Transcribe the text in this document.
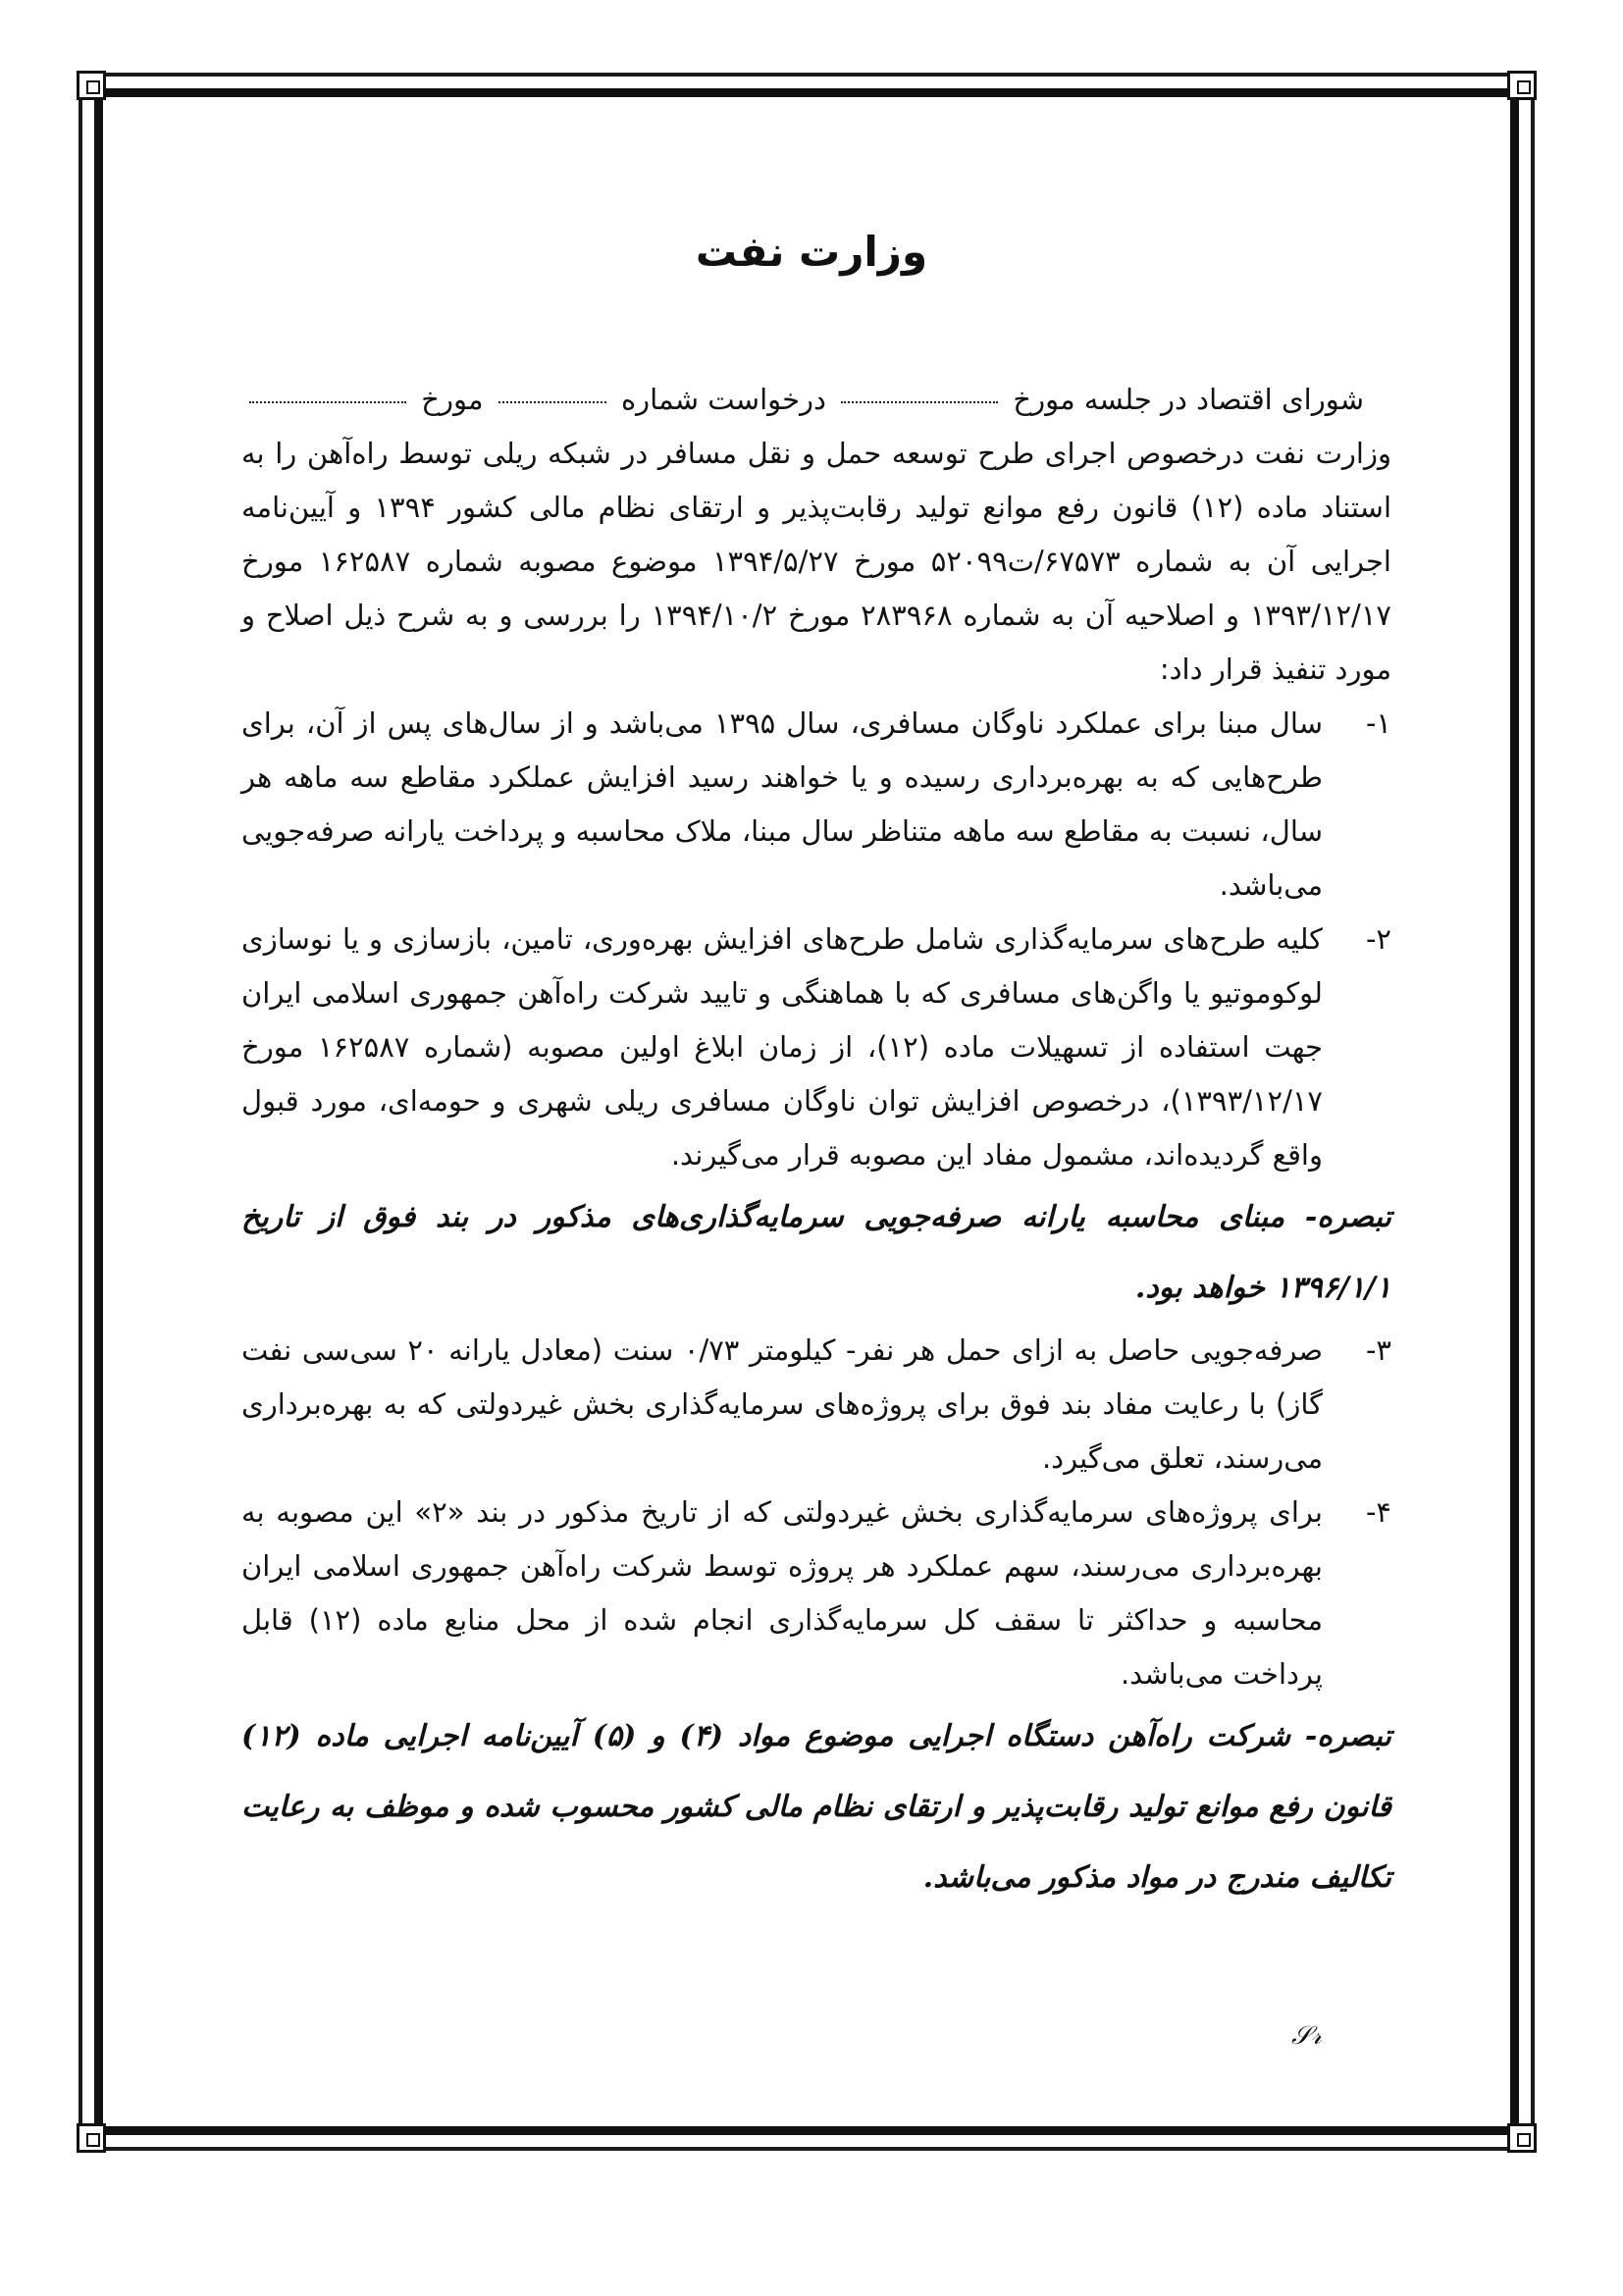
وزارت نفت

شورای اقتصاد در جلسه مورخ  درخواست شماره  مورخ

وزارت نفت درخصوص اجرای طرح توسعه حمل و نقل مسافر در شبکه ریلی توسط راه‌آهن را به استناد ماده (۱۲) قانون رفع موانع تولید رقابت‌پذیر و ارتقای نظام مالی کشور ۱۳۹۴ و آیین‌نامه اجرایی آن به شماره ۶۷۵۷۳/ت۵۲۰۹۹ مورخ ۱۳۹۴/۵/۲۷ موضوع مصوبه شماره ۱۶۲۵۸۷ مورخ ۱۳۹۳/۱۲/۱۷ و اصلاحیه آن به شماره ۲۸۳۹۶۸ مورخ ۱۳۹۴/۱۰/۲ را بررسی و به شرح ذیل اصلاح و مورد تنفیذ قرار داد:

۱-
سال مبنا برای عملکرد ناوگان مسافری، سال ۱۳۹۵ می‌باشد و از سال‌های پس از آن، برای طرح‌هایی که به بهره‌برداری رسیده و یا خواهند رسید افزایش عملکرد مقاطع سه ماهه هر سال، نسبت به مقاطع سه ماهه متناظر سال مبنا، ملاک محاسبه و پرداخت یارانه صرفه‌جویی می‌باشد.
۲-
کلیه طرح‌های سرمایه‌گذاری شامل طرح‌های افزایش بهره‌وری، تامین، بازسازی و یا نوسازی لوکوموتیو یا واگن‌های مسافری که با هماهنگی و تایید شرکت راه‌آهن جمهوری اسلامی ایران جهت استفاده از تسهیلات ماده (۱۲)، از زمان ابلاغ اولین مصوبه (شماره ۱۶۲۵۸۷ مورخ ۱۳۹۳/۱۲/۱۷)، درخصوص افزایش توان ناوگان مسافری ریلی شهری و حومه‌ای، مورد قبول واقع گردیده‌اند، مشمول مفاد این مصوبه قرار می‌گیرند.

تبصره- مبنای محاسبه یارانه صرفه‌جویی سرمایه‌گذاری‌های مذکور در بند فوق از تاریخ ۱۳۹۶/۱/۱ خواهد بود.

۳-
صرفه‌جویی حاصل به ازای حمل هر نفر- کیلومتر ۰/۷۳ سنت (معادل یارانه ۲۰ سی‌سی نفت گاز) با رعایت مفاد بند فوق برای پروژه‌های سرمایه‌گذاری بخش غیردولتی که به بهره‌برداری می‌رسند، تعلق می‌گیرد.
۴-
برای پروژه‌های سرمایه‌گذاری بخش غیردولتی که از تاریخ مذکور در بند «۲» این مصوبه به بهره‌برداری می‌رسند، سهم عملکرد هر پروژه توسط شرکت راه‌آهن جمهوری اسلامی ایران محاسبه و حداکثر تا سقف کل سرمایه‌گذاری انجام شده از محل منابع ماده (۱۲) قابل پرداخت می‌باشد.

تبصره- شرکت راه‌آهن دستگاه اجرایی موضوع مواد (۴) و (۵) آیین‌نامه اجرایی ماده (۱۲) قانون رفع موانع تولید رقابت‌پذیر و ارتقای نظام مالی کشور محسوب شده و موظف به رعایت تکالیف مندرج در مواد مذکور می‌باشد.

𝒮𝓇
